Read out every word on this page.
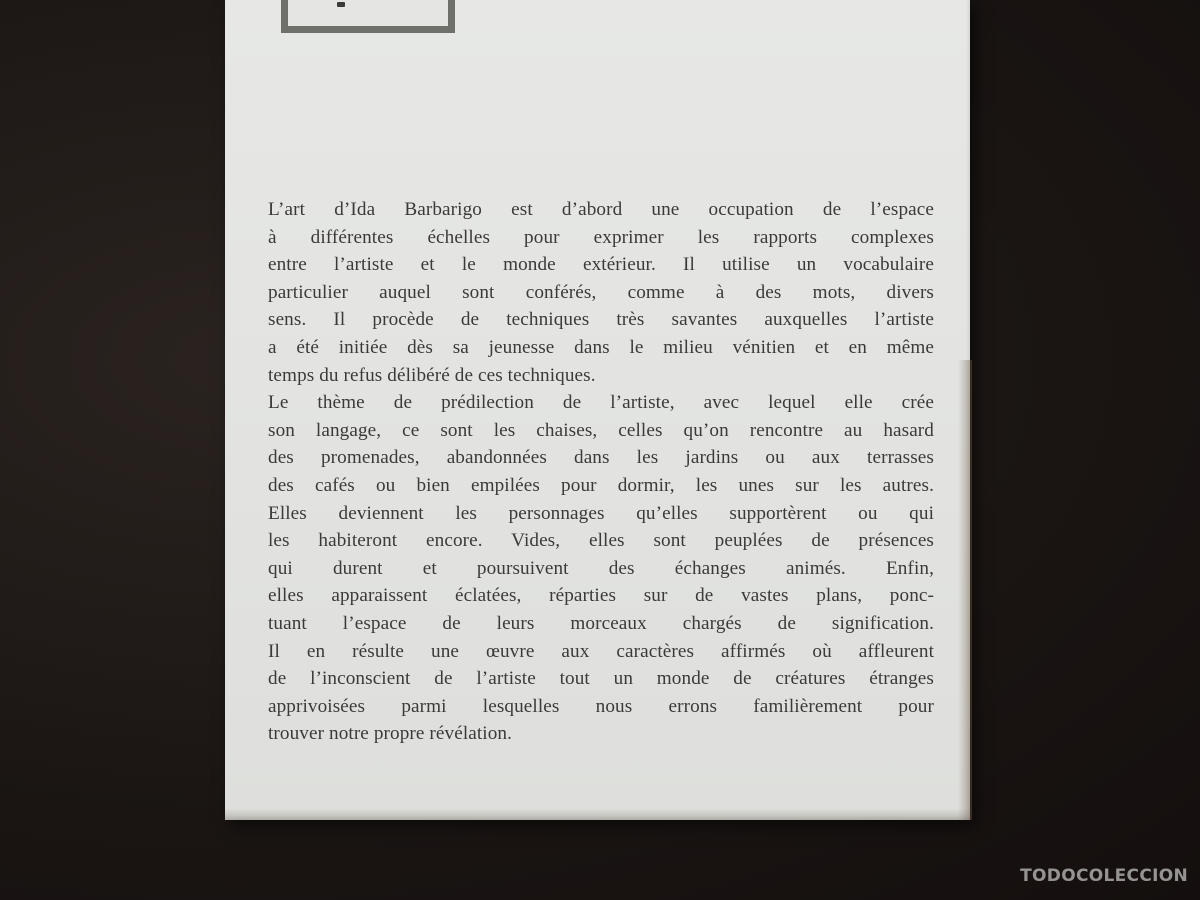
L’art d’Ida Barbarigo est d’abord une occupation de l’espace
à différentes échelles pour exprimer les rapports complexes
entre l’artiste et le monde extérieur. Il utilise un vocabulaire
particulier auquel sont conférés, comme à des mots, divers
sens. Il procède de techniques très savantes auxquelles l’artiste
a été initiée dès sa jeunesse dans le milieu vénitien et en même
temps du refus délibéré de ces techniques.
Le thème de prédilection de l’artiste, avec lequel elle crée
son langage, ce sont les chaises, celles qu’on rencontre au hasard
des promenades, abandonnées dans les jardins ou aux terrasses
des cafés ou bien empilées pour dormir, les unes sur les autres.
Elles deviennent les personnages qu’elles supportèrent ou qui
les habiteront encore. Vides, elles sont peuplées de présences
qui durent et poursuivent des échanges animés. Enfin,
elles apparaissent éclatées, réparties sur de vastes plans, ponc-
tuant l’espace de leurs morceaux chargés de signification.
Il en résulte une œuvre aux caractères affirmés où affleurent
de l’inconscient de l’artiste tout un monde de créatures étranges
apprivoisées parmi lesquelles nous errons familièrement pour
trouver notre propre révélation.
TODOCOLECCION
